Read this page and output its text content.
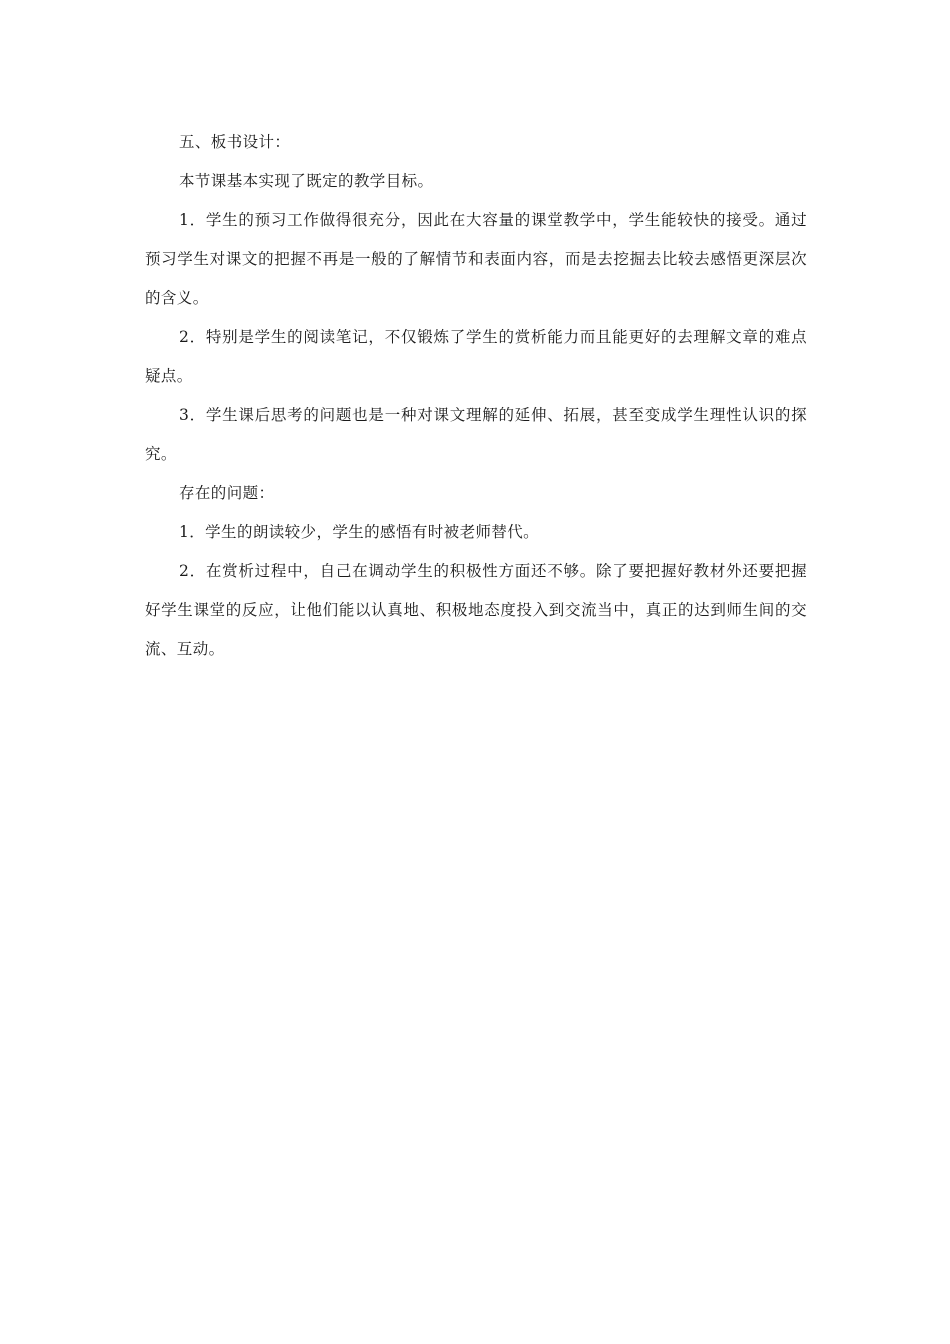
五、板书设计：

本节课基本实现了既定的教学目标。

1．学生的预习工作做得很充分，因此在大容量的课堂教学中，学生能较快的接受。通过预习学生对课文的把握不再是一般的了解情节和表面内容，而是去挖掘去比较去感悟更深层次的含义。

2．特别是学生的阅读笔记，不仅锻炼了学生的赏析能力而且能更好的去理解文章的难点疑点。

3．学生课后思考的问题也是一种对课文理解的延伸、拓展，甚至变成学生理性认识的探究。

存在的问题：

1．学生的朗读较少，学生的感悟有时被老师替代。

2．在赏析过程中，自己在调动学生的积极性方面还不够。除了要把握好教材外还要把握好学生课堂的反应，让他们能以认真地、积极地态度投入到交流当中，真正的达到师生间的交流、互动。
